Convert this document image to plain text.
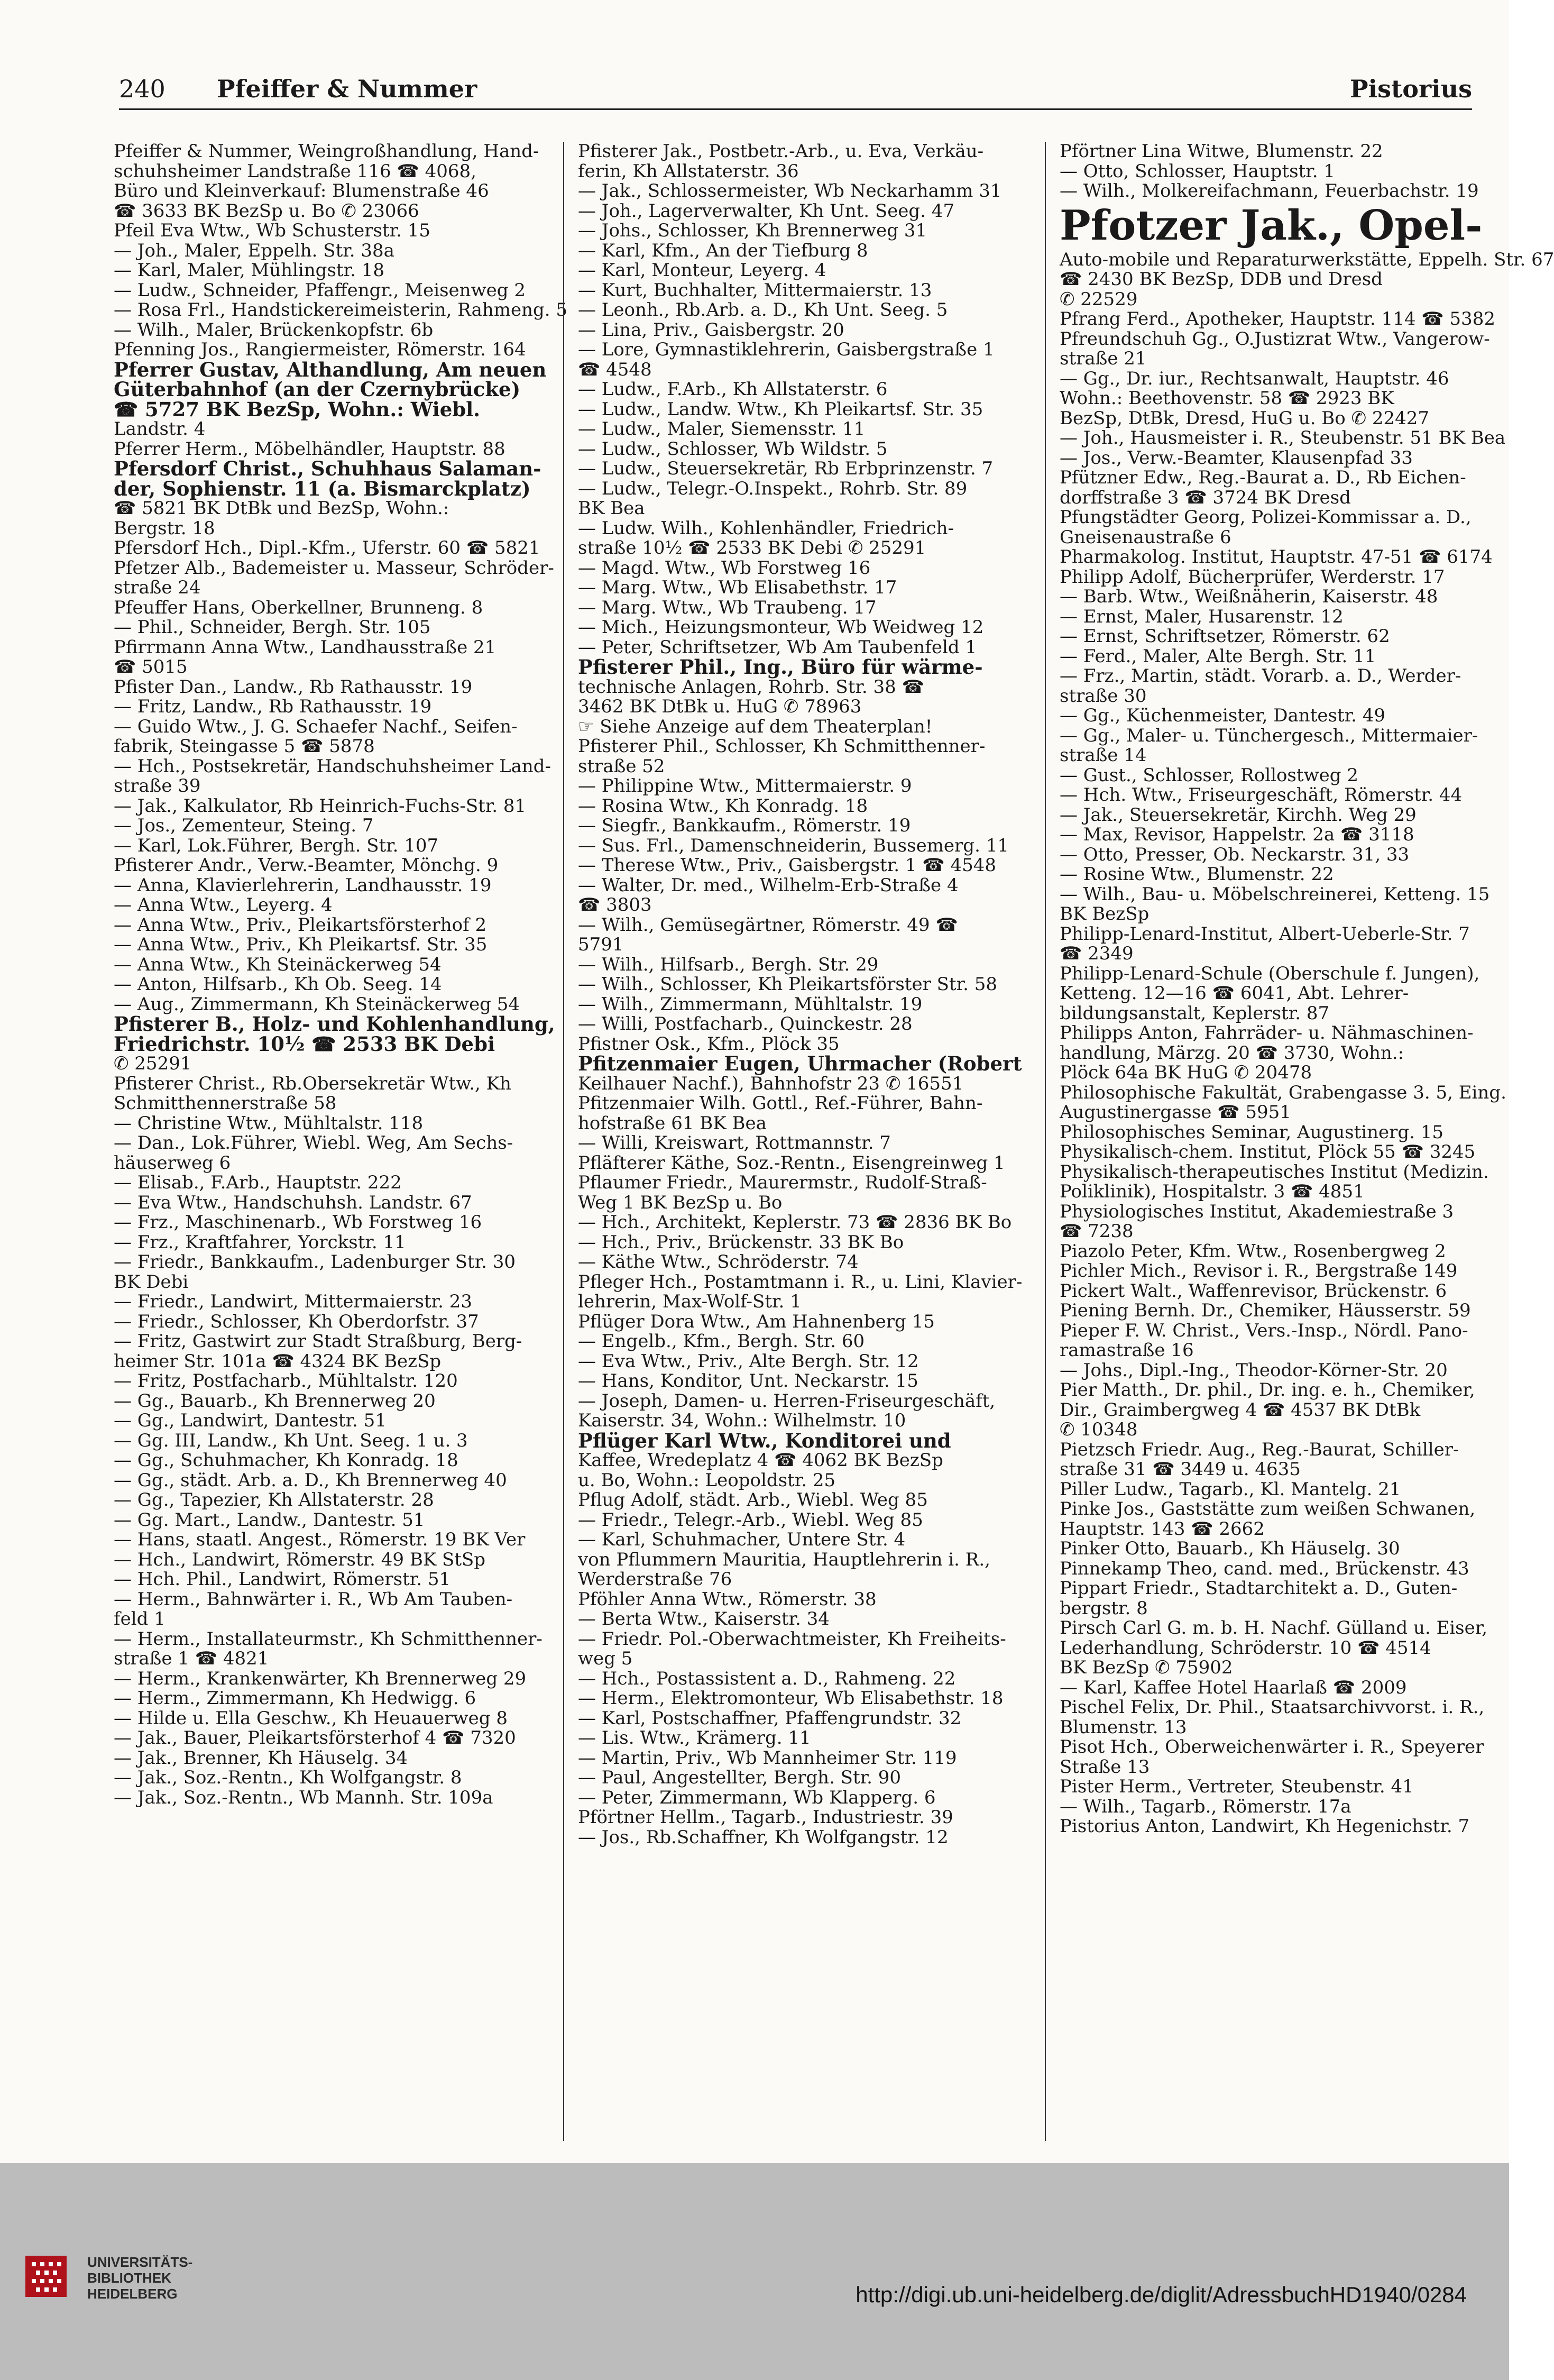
240 Pfeiffer & Nummer	Pistorius

Pfeiffer & Nummer, Weingroßhandlung, Hand-

schuhsheimer Landstraße 116 ☎ 4068,

Büro und Kleinverkauf: Blumenstraße 46

☎ 3633 BK BezSp u. Bo ✆ 23066

Pfeil Eva Wtw., Wb Schusterstr. 15

— Joh., Maler, Eppelh. Str. 38a

— Karl, Maler, Mühlingstr. 18

— Ludw., Schneider, Pfaffengr., Meisenweg 2

— Rosa Frl., Handstickereimeisterin, Rahmeng. 5

— Wilh., Maler, Brückenkopfstr. 6b

Pfenning Jos., Rangiermeister, Römerstr. 164

Pferrer Gustav, Althandlung, Am neuen

Güterbahnhof (an der Czernybrücke)

☎ 5727 BK BezSp, Wohn.: Wiebl.

Landstr. 4

Pferrer Herm., Möbelhändler, Hauptstr. 88

Pfersdorf Christ., Schuhhaus Salaman-

der, Sophienstr. 11 (a. Bismarckplatz)

☎ 5821 BK DtBk und BezSp, Wohn.:

Bergstr. 18

Pfersdorf Hch., Dipl.-Kfm., Uferstr. 60 ☎ 5821

Pfetzer Alb., Bademeister u. Masseur, Schröder-

straße 24

Pfeuffer Hans, Oberkellner, Brunneng. 8

— Phil., Schneider, Bergh. Str. 105

Pfirrmann Anna Wtw., Landhausstraße 21

☎ 5015

Pfister Dan., Landw., Rb Rathausstr. 19

— Fritz, Landw., Rb Rathausstr. 19

— Guido Wtw., J. G. Schaefer Nachf., Seifen-

fabrik, Steingasse 5 ☎ 5878

— Hch., Postsekretär, Handschuhsheimer Land-

straße 39

— Jak., Kalkulator, Rb Heinrich-Fuchs-Str. 81

— Jos., Zementeur, Steing. 7

— Karl, Lok.Führer, Bergh. Str. 107

Pfisterer Andr., Verw.-Beamter, Mönchg. 9

— Anna, Klavierlehrerin, Landhausstr. 19

— Anna Wtw., Leyerg. 4

— Anna Wtw., Priv., Pleikartsförsterhof 2

— Anna Wtw., Priv., Kh Pleikartsf. Str. 35

— Anna Wtw., Kh Steinäckerweg 54

— Anton, Hilfsarb., Kh Ob. Seeg. 14

— Aug., Zimmermann, Kh Steinäckerweg 54

Pfisterer B., Holz- und Kohlenhandlung,

Friedrichstr. 10½ ☎ 2533 BK Debi

✆ 25291

Pfisterer Christ., Rb.Obersekretär Wtw., Kh

Schmitthennerstraße 58

— Christine Wtw., Mühltalstr. 118

— Dan., Lok.Führer, Wiebl. Weg, Am Sechs-

häuserweg 6

— Elisab., F.Arb., Hauptstr. 222

— Eva Wtw., Handschuhsh. Landstr. 67

— Frz., Maschinenarb., Wb Forstweg 16

— Frz., Kraftfahrer, Yorckstr. 11

— Friedr., Bankkaufm., Ladenburger Str. 30

BK Debi

— Friedr., Landwirt, Mittermaierstr. 23

— Friedr., Schlosser, Kh Oberdorfstr. 37

— Fritz, Gastwirt zur Stadt Straßburg, Berg-

heimer Str. 101a ☎ 4324 BK BezSp

— Fritz, Postfacharb., Mühltalstr. 120

— Gg., Bauarb., Kh Brennerweg 20

— Gg., Landwirt, Dantestr. 51

— Gg. III, Landw., Kh Unt. Seeg. 1 u. 3

— Gg., Schuhmacher, Kh Konradg. 18

— Gg., städt. Arb. a. D., Kh Brennerweg 40

— Gg., Tapezier, Kh Allstaterstr. 28

— Gg. Mart., Landw., Dantestr. 51

— Hans, staatl. Angest., Römerstr. 19 BK Ver

— Hch., Landwirt, Römerstr. 49 BK StSp

— Hch. Phil., Landwirt, Römerstr. 51

— Herm., Bahnwärter i. R., Wb Am Tauben-

feld 1

— Herm., Installateurmstr., Kh Schmitthenner-

straße 1 ☎ 4821

— Herm., Krankenwärter, Kh Brennerweg 29

— Herm., Zimmermann, Kh Hedwigg. 6

— Hilde u. Ella Geschw., Kh Heuauerweg 8

— Jak., Bauer, Pleikartsförsterhof 4 ☎ 7320

— Jak., Brenner, Kh Häuselg. 34

— Jak., Soz.-Rentn., Kh Wolfgangstr. 8

— Jak., Soz.-Rentn., Wb Mannh. Str. 109a

Pfisterer Jak., Postbetr.-Arb., u. Eva, Verkäu-

ferin, Kh Allstaterstr. 36

— Jak., Schlossermeister, Wb Neckarhamm 31

— Joh., Lagerverwalter, Kh Unt. Seeg. 47

— Johs., Schlosser, Kh Brennerweg 31

— Karl, Kfm., An der Tiefburg 8

— Karl, Monteur, Leyerg. 4

— Kurt, Buchhalter, Mittermaierstr. 13

— Leonh., Rb.Arb. a. D., Kh Unt. Seeg. 5

— Lina, Priv., Gaisbergstr. 20

— Lore, Gymnastiklehrerin, Gaisbergstraße 1

☎ 4548

— Ludw., F.Arb., Kh Allstaterstr. 6

— Ludw., Landw. Wtw., Kh Pleikartsf. Str. 35

— Ludw., Maler, Siemensstr. 11

— Ludw., Schlosser, Wb Wildstr. 5

— Ludw., Steuersekretär, Rb Erbprinzenstr. 7

— Ludw., Telegr.-O.Inspekt., Rohrb. Str. 89

BK Bea

— Ludw. Wilh., Kohlenhändler, Friedrich-

straße 10½ ☎ 2533 BK Debi ✆ 25291

— Magd. Wtw., Wb Forstweg 16

— Marg. Wtw., Wb Elisabethstr. 17

— Marg. Wtw., Wb Traubeng. 17

— Mich., Heizungsmonteur, Wb Weidweg 12

— Peter, Schriftsetzer, Wb Am Taubenfeld 1

Pfisterer Phil., Ing., Büro für wärme-

technische Anlagen, Rohrb. Str. 38 ☎

3462 BK DtBk u. HuG ✆ 78963

☞ Siehe Anzeige auf dem Theaterplan!

Pfisterer Phil., Schlosser, Kh Schmitthenner-

straße 52

— Philippine Wtw., Mittermaierstr. 9

— Rosina Wtw., Kh Konradg. 18

— Siegfr., Bankkaufm., Römerstr. 19

— Sus. Frl., Damenschneiderin, Bussemerg. 11

— Therese Wtw., Priv., Gaisbergstr. 1 ☎ 4548

— Walter, Dr. med., Wilhelm-Erb-Straße 4

☎ 3803

— Wilh., Gemüsegärtner, Römerstr. 49 ☎

5791

— Wilh., Hilfsarb., Bergh. Str. 29

— Wilh., Schlosser, Kh Pleikartsförster Str. 58

— Wilh., Zimmermann, Mühltalstr. 19

— Willi, Postfacharb., Quinckestr. 28

Pfistner Osk., Kfm., Plöck 35

Pfitzenmaier Eugen, Uhrmacher (Robert

Keilhauer Nachf.), Bahnhofstr 23 ✆ 16551

Pfitzenmaier Wilh. Gottl., Ref.-Führer, Bahn-

hofstraße 61 BK Bea

— Willi, Kreiswart, Rottmannstr. 7

Pfläfterer Käthe, Soz.-Rentn., Eisengreinweg 1

Pflaumer Friedr., Maurermstr., Rudolf-Straß-

Weg 1 BK BezSp u. Bo

— Hch., Architekt, Keplerstr. 73 ☎ 2836 BK Bo

— Hch., Priv., Brückenstr. 33 BK Bo

— Käthe Wtw., Schröderstr. 74

Pfleger Hch., Postamtmann i. R., u. Lini, Klavier-

lehrerin, Max-Wolf-Str. 1

Pflüger Dora Wtw., Am Hahnenberg 15

— Engelb., Kfm., Bergh. Str. 60

— Eva Wtw., Priv., Alte Bergh. Str. 12

— Hans, Konditor, Unt. Neckarstr. 15

— Joseph, Damen- u. Herren-Friseurgeschäft,

Kaiserstr. 34, Wohn.: Wilhelmstr. 10

Pflüger Karl Wtw., Konditorei und

Kaffee, Wredeplatz 4 ☎ 4062 BK BezSp

u. Bo, Wohn.: Leopoldstr. 25

Pflug Adolf, städt. Arb., Wiebl. Weg 85

— Friedr., Telegr.-Arb., Wiebl. Weg 85

— Karl, Schuhmacher, Untere Str. 4

von Pflummern Mauritia, Hauptlehrerin i. R.,

Werderstraße 76

Pföhler Anna Wtw., Römerstr. 38

— Berta Wtw., Kaiserstr. 34

— Friedr. Pol.-Oberwachtmeister, Kh Freiheits-

weg 5

— Hch., Postassistent a. D., Rahmeng. 22

— Herm., Elektromonteur, Wb Elisabethstr. 18

— Karl, Postschaffner, Pfaffengrundstr. 32

— Lis. Wtw., Krämerg. 11

— Martin, Priv., Wb Mannheimer Str. 119

— Paul, Angestellter, Bergh. Str. 90

— Peter, Zimmermann, Wb Klapperg. 6

Pförtner Hellm., Tagarb., Industriestr. 39

— Jos., Rb.Schaffner, Kh Wolfgangstr. 12

Pförtner Lina Witwe, Blumenstr. 22

— Otto, Schlosser, Hauptstr. 1

— Wilh., Molkereifachmann, Feuerbachstr. 19

Pfotzer Jak., Opel-

Auto-mobile und Reparaturwerkstätte, Eppelh. Str. 67

☎ 2430 BK BezSp, DDB und Dresd

✆ 22529

Pfrang Ferd., Apotheker, Hauptstr. 114 ☎ 5382

Pfreundschuh Gg., O.Justizrat Wtw., Vangerow-

straße 21

— Gg., Dr. iur., Rechtsanwalt, Hauptstr. 46

Wohn.: Beethovenstr. 58 ☎ 2923 BK

BezSp, DtBk, Dresd, HuG u. Bo ✆ 22427

— Joh., Hausmeister i. R., Steubenstr. 51 BK Bea

— Jos., Verw.-Beamter, Klausenpfad 33

Pfützner Edw., Reg.-Baurat a. D., Rb Eichen-

dorffstraße 3 ☎ 3724 BK Dresd

Pfungstädter Georg, Polizei-Kommissar a. D.,

Gneisenaustraße 6

Pharmakolog. Institut, Hauptstr. 47-51 ☎ 6174

Philipp Adolf, Bücherprüfer, Werderstr. 17

— Barb. Wtw., Weißnäherin, Kaiserstr. 48

— Ernst, Maler, Husarenstr. 12

— Ernst, Schriftsetzer, Römerstr. 62

— Ferd., Maler, Alte Bergh. Str. 11

— Frz., Martin, städt. Vorarb. a. D., Werder-

straße 30

— Gg., Küchenmeister, Dantestr. 49

— Gg., Maler- u. Tünchergesch., Mittermaier-

straße 14

— Gust., Schlosser, Rollostweg 2

— Hch. Wtw., Friseurgeschäft, Römerstr. 44

— Jak., Steuersekretär, Kirchh. Weg 29

— Max, Revisor, Happelstr. 2a ☎ 3118

— Otto, Presser, Ob. Neckarstr. 31, 33

— Rosine Wtw., Blumenstr. 22

— Wilh., Bau- u. Möbelschreinerei, Ketteng. 15

BK BezSp

Philipp-Lenard-Institut, Albert-Ueberle-Str. 7

☎ 2349

Philipp-Lenard-Schule (Oberschule f. Jungen),

Ketteng. 12—16 ☎ 6041, Abt. Lehrer-

bildungsanstalt, Keplerstr. 87

Philipps Anton, Fahrräder- u. Nähmaschinen-

handlung, Märzg. 20 ☎ 3730, Wohn.:

Plöck 64a BK HuG ✆ 20478

Philosophische Fakultät, Grabengasse 3. 5, Eing.

Augustinergasse ☎ 5951

Philosophisches Seminar, Augustinerg. 15

Physikalisch-chem. Institut, Plöck 55 ☎ 3245

Physikalisch-therapeutisches Institut (Medizin.

Poliklinik), Hospitalstr. 3 ☎ 4851

Physiologisches Institut, Akademiestraße 3

☎ 7238

Piazolo Peter, Kfm. Wtw., Rosenbergweg 2

Pichler Mich., Revisor i. R., Bergstraße 149

Pickert Walt., Waffenrevisor, Brückenstr. 6

Piening Bernh. Dr., Chemiker, Häusserstr. 59

Pieper F. W. Christ., Vers.-Insp., Nördl. Pano-

ramastraße 16

— Johs., Dipl.-Ing., Theodor-Körner-Str. 20

Pier Matth., Dr. phil., Dr. ing. e. h., Chemiker,

Dir., Graimbergweg 4 ☎ 4537 BK DtBk

✆ 10348

Pietzsch Friedr. Aug., Reg.-Baurat, Schiller-

straße 31 ☎ 3449 u. 4635

Piller Ludw., Tagarb., Kl. Mantelg. 21

Pinke Jos., Gaststätte zum weißen Schwanen,

Hauptstr. 143 ☎ 2662

Pinker Otto, Bauarb., Kh Häuselg. 30

Pinnekamp Theo, cand. med., Brückenstr. 43

Pippart Friedr., Stadtarchitekt a. D., Guten-

bergstr. 8

Pirsch Carl G. m. b. H. Nachf. Gülland u. Eiser,

Lederhandlung, Schröderstr. 10 ☎ 4514

BK BezSp ✆ 75902

— Karl, Kaffee Hotel Haarlaß ☎ 2009

Pischel Felix, Dr. Phil., Staatsarchivvorst. i. R.,

Blumenstr. 13

Pisot Hch., Oberweichenwärter i. R., Speyerer

Straße 13

Pister Herm., Vertreter, Steubenstr. 41

— Wilh., Tagarb., Römerstr. 17a

Pistorius Anton, Landwirt, Kh Hegenichstr. 7

UNIVERSITÄTS-
BIBLIOTHEK
HEIDELBERG	http://digi.ub.uni-heidelberg.de/diglit/AdressbuchHD1940/0284
